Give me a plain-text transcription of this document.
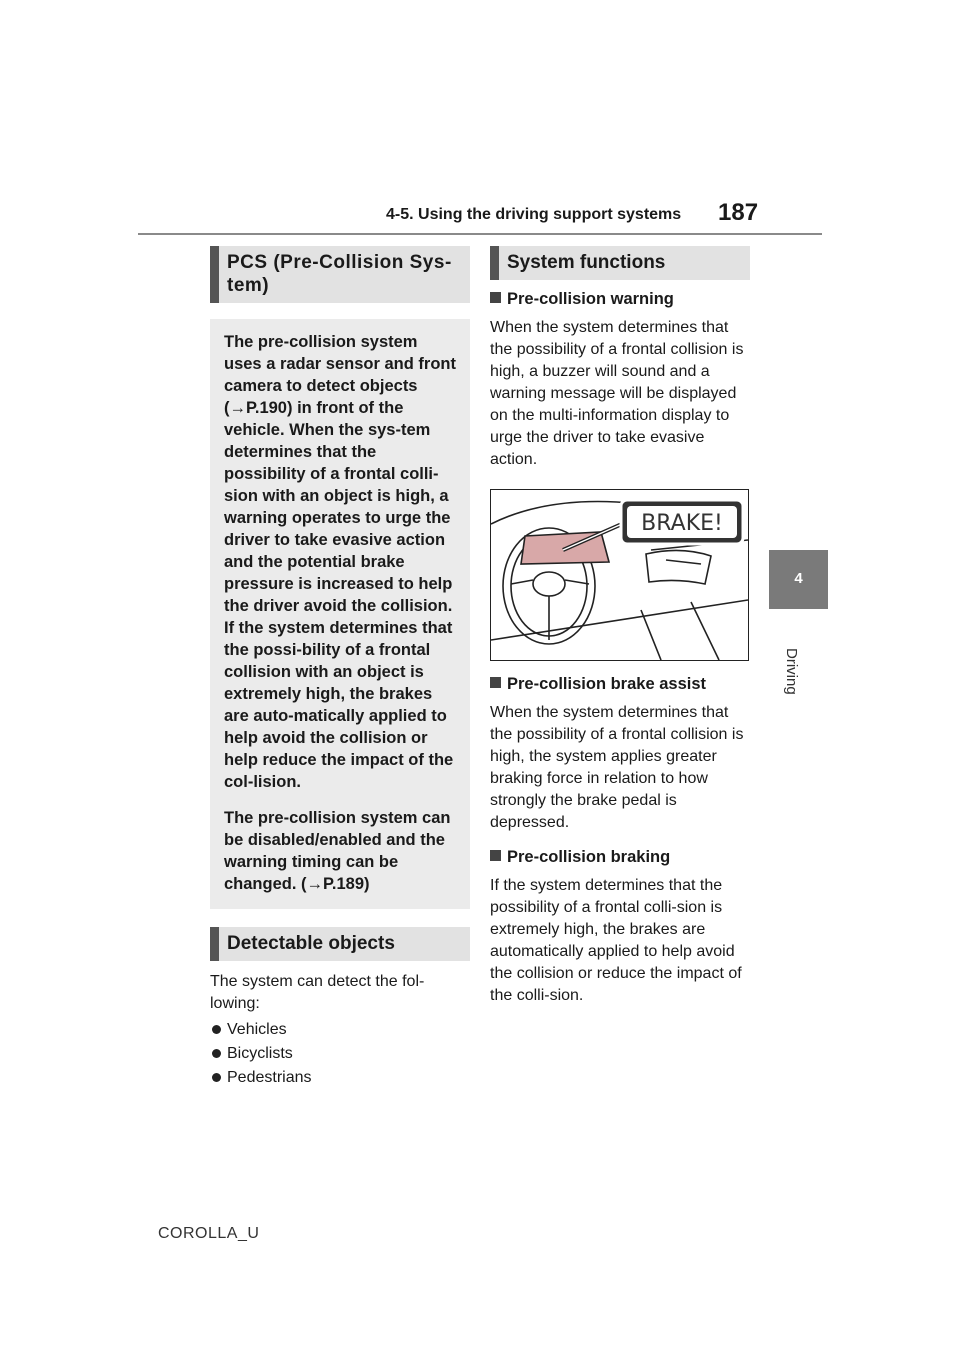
4-5. Using the driving support systems 187
4
Driving
PCS (Pre-Collision Sys-tem)

The pre-collision system uses a radar sensor and front camera to detect objects (→P.190) in front of the vehicle. When the sys-tem determines that the possibility of a frontal colli-sion with an object is high, a warning operates to urge the driver to take evasive action and the potential brake pressure is increased to help the driver avoid the collision. If the system determines that the possi-bility of a frontal collision with an object is extremely high, the brakes are auto-matically applied to help avoid the collision or help reduce the impact of the col-lision.

The pre-collision system can be disabled/enabled and the warning timing can be changed. (→P.189)

Detectable objects

The system can detect the fol-lowing:

Vehicles
Bicyclists
Pedestrians
System functions
Pre-collision warning

When the system determines that the possibility of a frontal collision is high, a buzzer will sound and a warning message will be displayed on the multi-information display to urge the driver to take evasive action.

BRAKE!
Pre-collision brake assist

When the system determines that the possibility of a frontal collision is high, the system applies greater braking force in relation to how strongly the brake pedal is depressed.

Pre-collision braking

If the system determines that the possibility of a frontal colli-sion is extremely high, the brakes are automatically applied to help avoid the collision or reduce the impact of the colli-sion.

COROLLA_U
